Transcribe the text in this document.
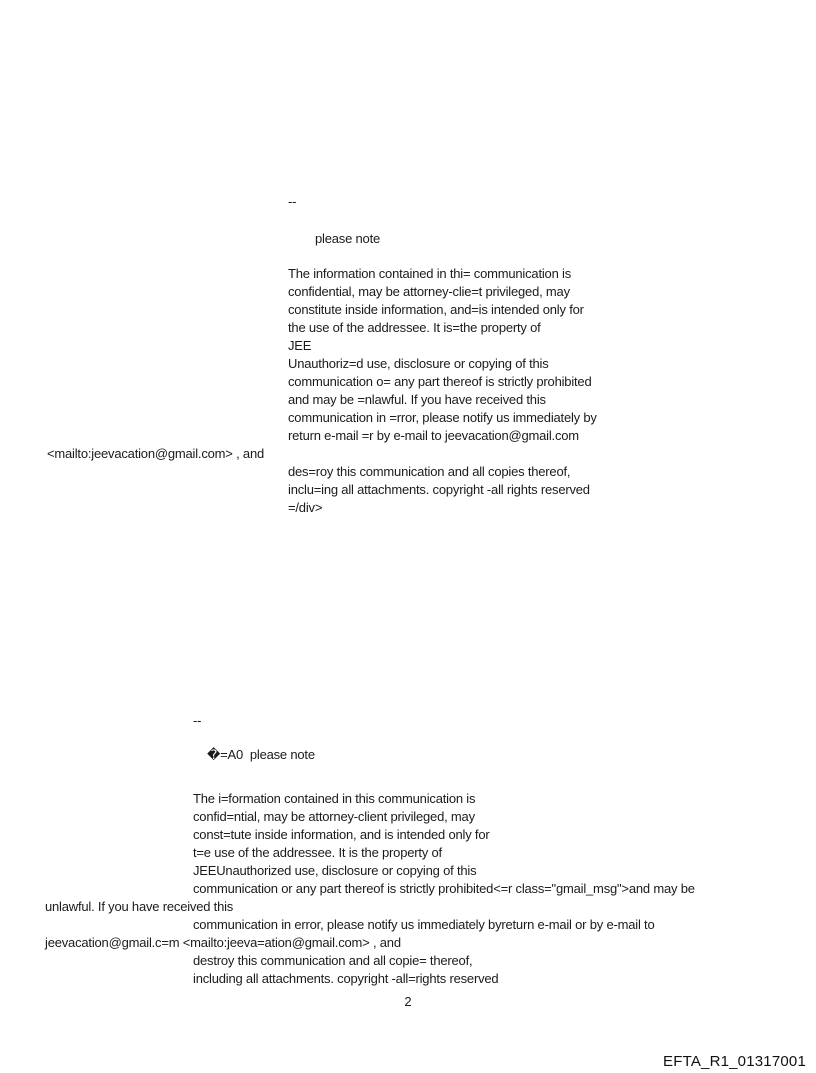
--
please note
The information contained in thi= communication is
confidential, may be attorney-clie=t privileged, may
constitute inside information, and=is intended only for
the use of the addressee. It is=the property of
JEE
Unauthoriz=d use, disclosure or copying of this
communication o= any part thereof is strictly prohibited
and may be =nlawful. If you have received this
communication in =rror, please notify us immediately by
return e-mail =r by e-mail to jeevacation@gmail.com
<mailto:jeevacation@gmail.com> , and
des=roy this communication and all copies thereof,
inclu=ing all attachments. copyright -all rights reserved
=/div>
--
�=A0  please note
The i=formation contained in this communication is
confid=ntial, may be attorney-client privileged, may
const=tute inside information, and is intended only for
t=e use of the addressee. It is the property of
JEEUnauthorized use, disclosure or copying of this
communication or any part thereof is strictly prohibited<=r class="gmail_msg">and may be
unlawful. If you have received this
communication in error, please notify us immediately byreturn e-mail or by e-mail to
jeevacation@gmail.c=m <mailto:jeeva=ation@gmail.com> , and
destroy this communication and all copie= thereof,
including all attachments. copyright -all=rights reserved
2
EFTA_R1_01317001
